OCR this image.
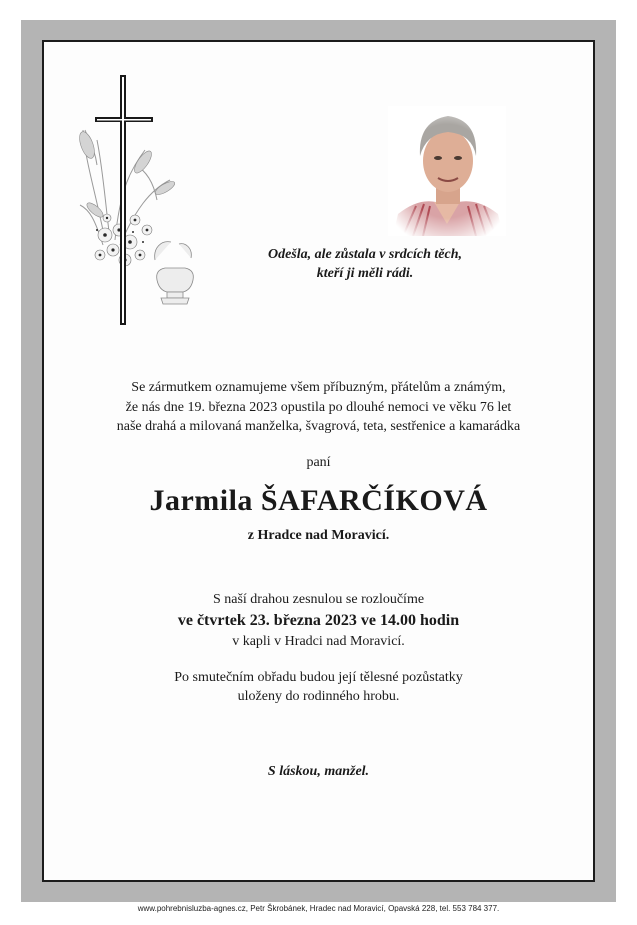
Odešla, ale zůstala v srdcích těch,
kteří ji měli rádi.
Se zármutkem oznamujeme všem příbuzným, přátelům a známým,
že nás dne 19. března 2023 opustila po dlouhé nemoci ve věku 76 let
naše drahá a milovaná manželka, švagrová, teta, sestřenice a kamarádka
paní
Jarmila ŠAFARČÍKOVÁ
z Hradce nad Moravicí.
S naší drahou zesnulou se rozloučíme
ve čtvrtek 23. března 2023 ve 14.00 hodin
v kapli v Hradci nad Moravicí.
Po smutečním obřadu budou její tělesné pozůstatky
uloženy do rodinného hrobu.
S láskou, manžel.
www.pohrebnisluzba-agnes.cz, Petr Škrobánek, Hradec nad Moravicí, Opavská 228, tel. 553 784 377.
